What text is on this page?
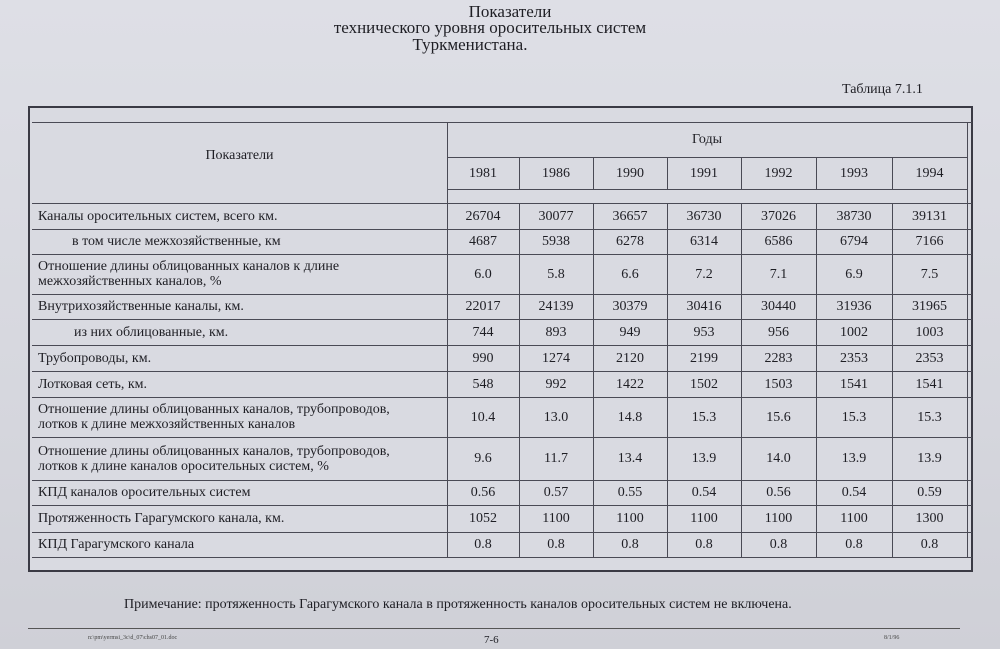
Показатели
технического уровня оросительных систем
Туркменистана.
Таблица 7.1.1
Показатели
Годы
1981	1986	1990	1991	1992	1993	1994
Каналы оросительных систем, всего км.	26704	30077	36657	36730	37026	38730	39131
в том числе межхозяйственные, км	4687	5938	6278	6314	6586	6794	7166
Отношение длины облицованных каналов к длине
межхозяйственных каналов, %	6.0	5.8	6.6	7.2	7.1	6.9	7.5
Внутрихозяйственные каналы, км.	22017	24139	30379	30416	30440	31936	31965
из них облицованные, км.	744	893	949	953	956	1002	1003
Трубопроводы, км.	990	1274	2120	2199	2283	2353	2353
Лотковая сеть, км.	548	992	1422	1502	1503	1541	1541
Отношение длины облицованных каналов, трубопроводов,
лотков к длине межхозяйственных каналов	10.4	13.0	14.8	15.3	15.6	15.3	15.3
Отношение длины облицованных каналов, трубопроводов,
лотков к длине каналов оросительных систем, %	9.6	11.7	13.4	13.9	14.0	13.9	13.9
КПД каналов оросительных систем	0.56	0.57	0.55	0.54	0.56	0.54	0.59
Протяженность Гарагумского канала, км.	1052	1100	1100	1100	1100	1100	1300
КПД Гарагумского канала	0.8	0.8	0.8	0.8	0.8	0.8	0.8
Примечание: протяженность Гарагумского канала в протяженность каналов оросительных систем не включена.
n:\pm\yermsi_3c\d_07\chs07_01.doc	7-6	8/1/96
